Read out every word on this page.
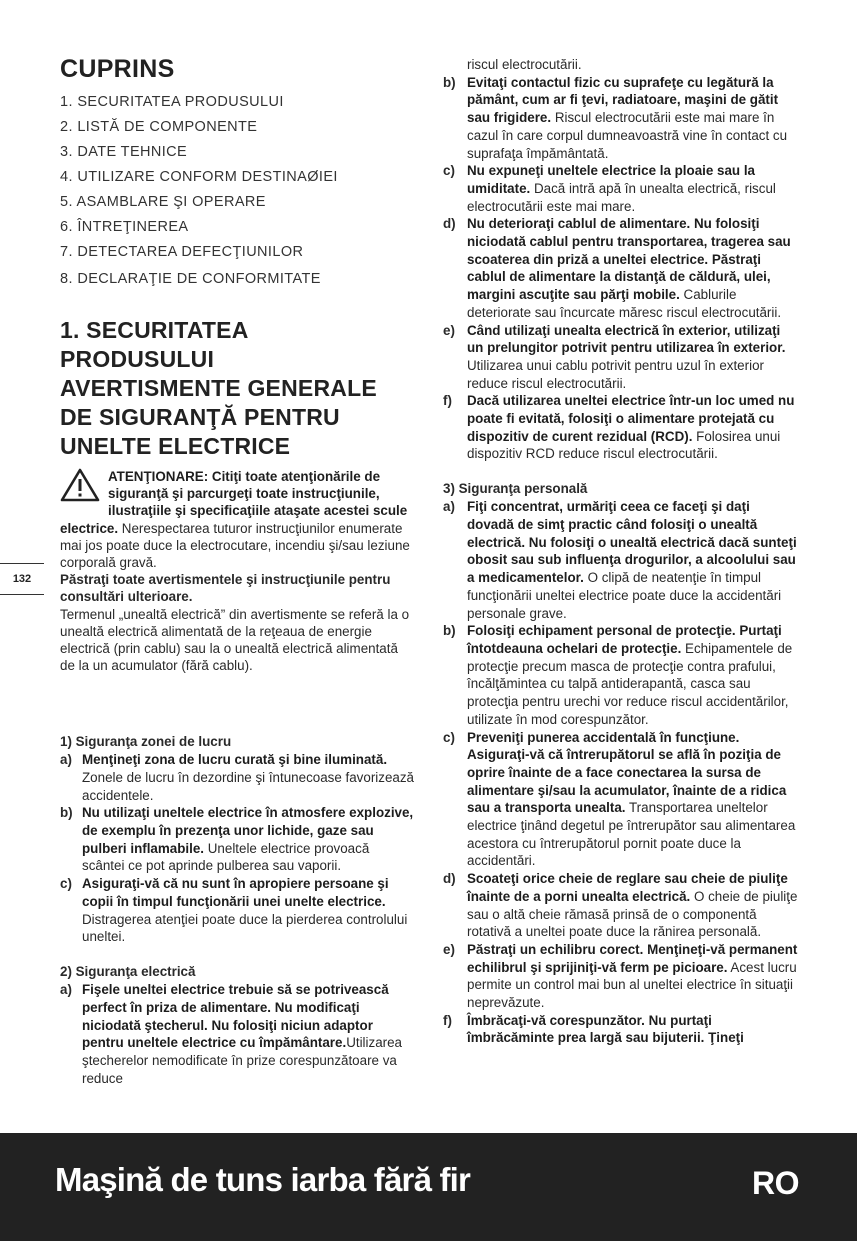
CUPRINS
1. SECURITATEA PRODUSULUI
2. LISTĂ DE COMPONENTE
3. DATE TEHNICE
4. UTILIZARE CONFORM DESTINAØIEI
5. ASAMBLARE ŞI OPERARE
6. ÎNTREŢINEREA
7. DETECTAREA DEFECŢIUNILOR
8. DECLARAŢIE DE CONFORMITATE
1. SECURITATEA
PRODUSULUI
AVERTISMENTE GENERALE
DE SIGURANŢĂ PENTRU
UNELTE ELECTRICE

ATENŢIONARE: Citiţi toate atenţionările de siguranţă şi parcurgeţi toate instrucţiunile, ilustraţiile şi specificaţiile ataşate acestei scule electrice. Nerespectarea tuturor instrucţiunilor enumerate mai jos poate duce la electrocutare, incendiu şi/sau leziune corporală gravă.

Păstraţi toate avertismentele şi instrucţiunile pentru consultări ulterioare.

Termenul „unealtă electrică” din avertismente se referă la o unealtă electrică alimentată de la reţeaua de energie electrică (prin cablu) sau la o unealtă electrică alimentată de la un acumulator (fără cablu).

1) Siguranţa zonei de lucru

a) Menţineţi zona de lucru curată şi bine iluminată. Zonele de lucru în dezordine şi întunecoase favorizează accidentele.
b) Nu utilizaţi uneltele electrice în atmosfere explozive, de exemplu în prezenţa unor lichide, gaze sau pulberi inflamabile. Uneltele electrice provoacă scântei ce pot aprinde pulberea sau vaporii.
c) Asiguraţi-vă că nu sunt în apropiere persoane şi copii în timpul funcţionării unei unelte electrice. Distragerea atenţiei poate duce la pierderea controlului uneltei.

2) Siguranţa electrică

a) Fişele uneltei electrice trebuie să se potrivească perfect în priza de alimentare. Nu modificaţi niciodată ştecherul. Nu folosiţi niciun adaptor pentru uneltele electrice cu împământare.Utilizarea ştecherelor nemodificate în prize corespunzătoare va reduce
132

riscul electrocutării.

b) Evitaţi contactul fizic cu suprafeţe cu legătură la pământ, cum ar fi ţevi, radiatoare, maşini de gătit sau frigidere. Riscul electrocutării este mai mare în cazul în care corpul dumneavoastră vine în contact cu suprafaţa împământată.
c) Nu expuneţi uneltele electrice la ploaie sau la umiditate. Dacă intră apă în unealta electrică, riscul electrocutării este mai mare.
d) Nu deterioraţi cablul de alimentare. Nu folosiţi niciodată cablul pentru transportarea, tragerea sau scoaterea din priză a uneltei electrice. Păstraţi cablul de alimentare la distanţă de căldură, ulei, margini ascuţite sau părţi mobile. Cablurile deteriorate sau încurcate măresc riscul electrocutării.
e) Când utilizaţi unealta electrică în exterior, utilizaţi un prelungitor potrivit pentru utilizarea în exterior. Utilizarea unui cablu potrivit pentru uzul în exterior reduce riscul electrocutării.
f) Dacă utilizarea uneltei electrice într-un loc umed nu poate fi evitată, folosiţi o alimentare protejată cu dispozitiv de curent rezidual (RCD). Folosirea unui dispozitiv RCD reduce riscul electrocutării.

3) Siguranţa personală

a) Fiţi concentrat, urmăriţi ceea ce faceţi şi daţi dovadă de simţ practic când folosiţi o unealtă electrică. Nu folosiţi o unealtă electrică dacă sunteţi obosit sau sub influenţa drogurilor, a alcoolului sau a medicamentelor. O clipă de neatenţie în timpul funcţionării uneltei electrice poate duce la accidentări personale grave.
b) Folosiţi echipament personal de protecţie. Purtaţi întotdeauna ochelari de protecţie. Echipamentele de protecţie precum masca de protecţie contra prafului, încălţămintea cu talpă antiderapantă, casca sau protecţia pentru urechi vor reduce riscul accidentărilor, utilizate în mod corespunzător.
c) Preveniţi punerea accidentală în funcţiune. Asiguraţi-vă că întrerupătorul se află în poziţia de oprire înainte de a face conectarea la sursa de alimentare şi/sau la acumulator, înainte de a ridica sau a transporta unealta. Transportarea uneltelor electrice ţinând degetul pe întrerupător sau alimentarea acestora cu întrerupătorul pornit poate duce la accidentări.
d) Scoateţi orice cheie de reglare sau cheie de piuliţe înainte de a porni unealta electrică. O cheie de piuliţe sau o altă cheie rămasă prinsă de o componentă rotativă a uneltei poate duce la rănirea personală.
e) Păstraţi un echilibru corect. Menţineţi-vă permanent echilibrul şi sprijiniţi-vă ferm pe picioare. Acest lucru permite un control mai bun al uneltei electrice în situaţii neprevăzute.
f) Îmbrăcaţi-vă corespunzător. Nu purtaţi îmbrăcăminte prea largă sau bijuterii. Ţineţi
Maşină de tuns iarba fără fir	RO
